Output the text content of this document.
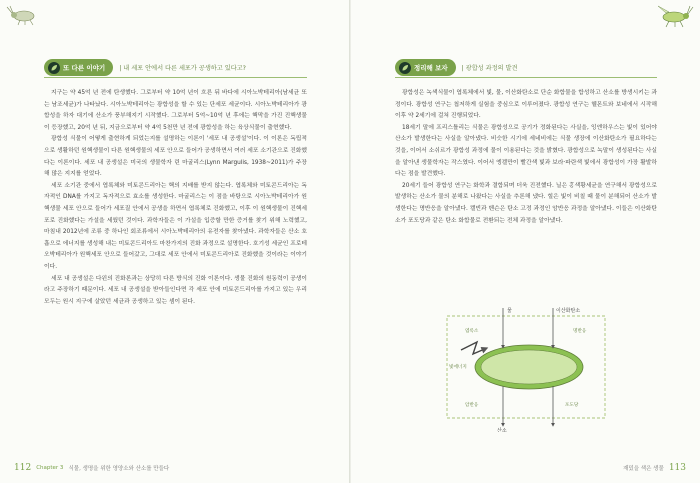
또 다른 이야기 | 내 세포 안에서 다른 세포가 공생하고 있다고?

지구는 약 45억 년 전에 탄생했다. 그로부터 약 10억 년이 흐른 뒤 바다에 시아노박테리아(남세균 또는 남조세균)가 나타났다. 시아노박테리아는 광합성을 할 수 있는 단세포 세균이다. 시아노박테리아가 광합성을 하자 대기에 산소가 풍부해지기 시작했다. 그로부터 5억~10억 년 후에는 핵막을 가진 진핵생물이 등장했고, 20억 년 뒤, 지금으로부터 약 4억 5천만 년 전에 광합성을 하는 육상식물이 출현했다.

광합성 식물이 어떻게 출현하게 되었는지를 설명하는 이론이 '세포 내 공생설'이다. 이 이론은 독립적으로 생활하던 원핵생물이 다른 원핵생물의 세포 안으로 들어가 공생하면서 여러 세포 소기관으로 진화했다는 이론이다. 세포 내 공생설은 미국의 생물학자 린 마굴리스(Lynn Margulis, 1938~2011)가 주장해 많은 지지를 얻었다.

세포 소기관 중에서 엽록체와 미토콘드리아는 핵의 지배를 받지 않는다. 엽록체와 미토콘드리아는 독자적인 DNA를 가지고 독자적으로 효소를 생성한다. 마굴리스는 이 점을 바탕으로 시아노박테리아가 원핵생물 세포 안으로 들어가 세포질 안에서 공생을 하면서 엽록체로 진화했고, 이후 이 원핵생물이 진핵세포로 진화했다는 가설을 세웠던 것이다. 과학자들은 이 가설을 입증할 만한 증거를 찾기 위해 노력했고, 마침내 2012년에 조류 중 하나인 회조류에서 시아노박테리아의 유전자를 찾아냈다. 과학자들은 산소 호흡으로 에너지를 생성해 내는 미토콘드리아도 마찬가지의 진화 과정으로 설명한다. 호기성 세균인 프로테오박테리아가 원핵세포 안으로 들어갔고, 그대로 세포 안에서 미토콘드리아로 진화했을 것이라는 이야기이다.

세포 내 공생설은 다윈의 진화론과는 상당히 다른 방식의 진화 이론이다. 생물 진화의 원동력이 공생이라고 주장하기 때문이다. 세포 내 공생설을 받아들인다면 각 세포 안에 미토콘드리아를 가지고 있는 우리 모두는 원시 지구에 살았던 세균과 공생하고 있는 셈이 된다.

112 Chapter 3 식물, 생명을 위한 영양소와 산소를 만들다
정리해 보자 | 광합성 과정의 발견

광합성은 녹색식물이 엽록체에서 빛, 물, 이산화탄소로 단순 화합물을 합성하고 산소를 방생시키는 과정이다. 광합성 연구는 첩저하게 실험을 중심으로 이루어졌다. 광합성 연구는 헬몬트와 보네에서 시작해 이후 약 2세기에 걸쳐 진행되었다.

18세기 말에 프리스틀리는 식물은 광합성으로 공기가 정화된다는 사실을, 잉엔하우스는 빛이 있어야 산소가 발생한다는 사실을 알아냈다. 비슷한 시기에 세네비에는 식물 생장에 이산화탄소가 필요하다는 것을, 이어서 소쉬르가 광합성 과정에 물이 이용된다는 것을 밝혔다. 광합성으로 녹말이 생성된다는 사실을 알아낸 생물학자는 작스였다. 이어서 엥겔만이 빨간색 빛과 보라·파란색 빛에서 광합성이 가장 활발하다는 점을 발견했다.

20세기 들어 광합성 연구는 화학과 결합되며 더욱 진전했다. 닐은 홍색황세균을 연구해서 광합성으로 발생하는 산소가 물의 분해로 나왔다는 사실을 추론해 냈다. 힐은 빛이 비칠 때 물이 분해되어 산소가 발생한다는 명반응을 알아냈다. 캘빈과 벤슨은 탄소 고정 과정인 암반응 과정을 알아냈다. 이들은 이산화탄소가 포도당과 같은 탄소 화합물로 전환되는 전체 과정을 알아냈다.

물	이산화탄소
엽록소	명반응
빛에너지
암반응	포도당
산소
재밌을 색은 생물 113
